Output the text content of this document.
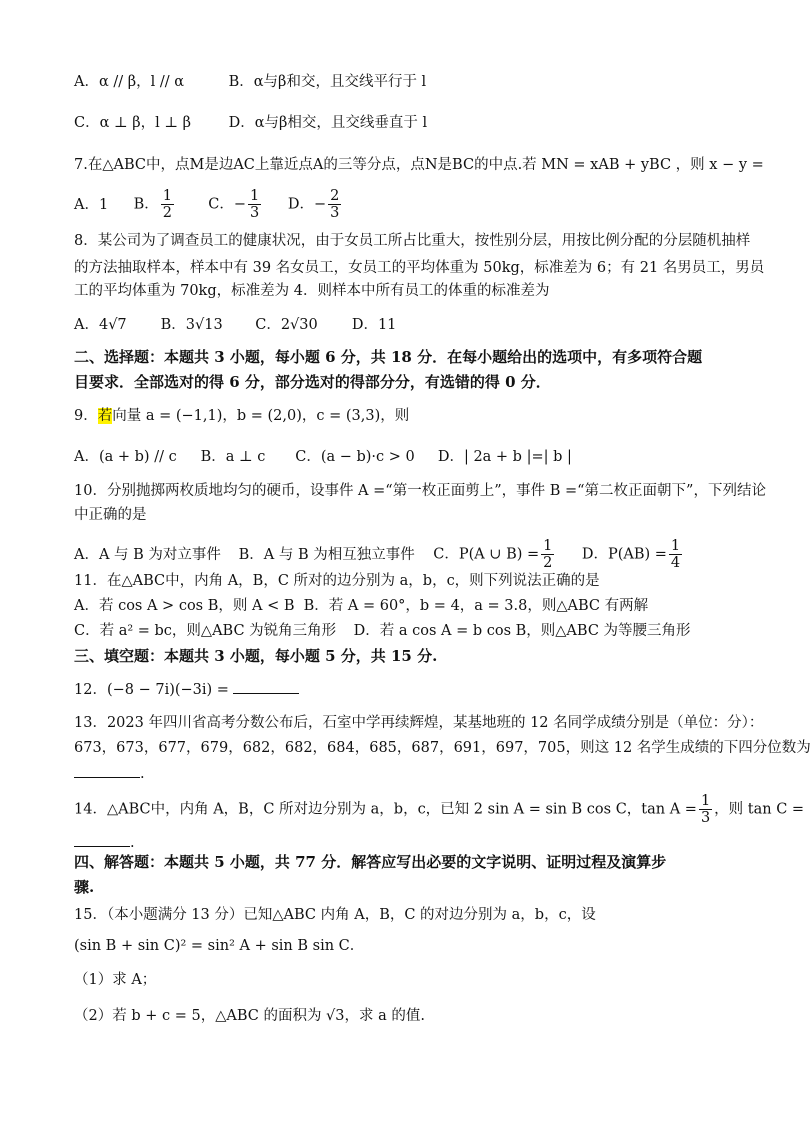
A．α // β，l // α	B．α与β和交，且交线平行于 l
C．α ⊥ β，l ⊥ β	D．α与β相交，且交线垂直于 l
7.在△ABC中，点M是边AC上靠近点A的三等分点，点N是BC的中点.若 MN = xAB + yBC ，则 x − y =
A．1 B． $\frac{1}{2}$ C．− $\frac{1}{3}$ D．− $\frac{2}{3}$
8．某公司为了调查员工的健康状况，由于女员工所占比重大，按性别分层，用按比例分配的分层随机抽样
的方法抽取样本，样本中有 39 名女员工，女员工的平均体重为 50kg，标准差为 6；有 21 名男员工，男员
工的平均体重为 70kg，标准差为 4．则样本中所有员工的体重的标准差为
A．4√7 B．3√13 C．2√30 D．11
二、选择题：本题共 3 小题，每小题 6 分，共 18 分．在每小题给出的选项中，有多项符合题
目要求．全部选对的得 6 分，部分选对的得部分分，有选错的得 0 分．
9．若向量 a = (−1,1)，b = (2,0)，c = (3,3)，则
A．(a + b) // c B．a ⊥ c C．(a − b)·c > 0 D．| 2a + b |=| b |
10．分别抛掷两枚质地均匀的硬币，设事件 A =“第一枚正面剪上”，事件 B =“第二枚正面朝下”，下列结论
中正确的是
A．A 与 B 为对立事件 B．A 与 B 为相互独立事件 C．P(A ∪ $B) = \frac{1}{2}$ D．$P(AB) = \frac{1}{4}$
11．在△ABC中，内角 A，B，C 所对的边分别为 a，b，c，则下列说法正确的是
A．若 cos A > cos B，则 A < B B．若 A = 60°，b = 4，a = 3.8，则△ABC 有两解
C．若 a² = bc，则△ABC 为锐角三角形 D．若 a cos A = b cos B，则△ABC 为等腰三角形
三、填空题：本题共 3 小题，每小题 5 分，共 15 分.
12．(−8 − 7i)(−3i) =
13．2023 年四川省高考分数公布后，石室中学再续辉煌，某基地班的 12 名同学成绩分别是（单位：分）：
673，673，677，679，682，682，684，685，687，691，697，705，则这 12 名学生成绩的下四分位数为
.
14．△ABC中，内角 A，B，C 所对边分别为 a，b，c，已知 2 sin A = sin B cos C，$\tan A = \frac{1}{3}$ ，则 tan C =
.
四、解答题：本题共 5 小题，共 77 分．解答应写出必要的文字说明、证明过程及演算步
骤.
15．（本小题满分 13 分）已知△ABC 内角 A，B，C 的对边分别为 a，b，c，设
(sin B + sin C)² = sin² A + sin B sin C．
（1）求 A；
（2）若 b + c = 5，△ABC 的面积为 √3，求 a 的值.
